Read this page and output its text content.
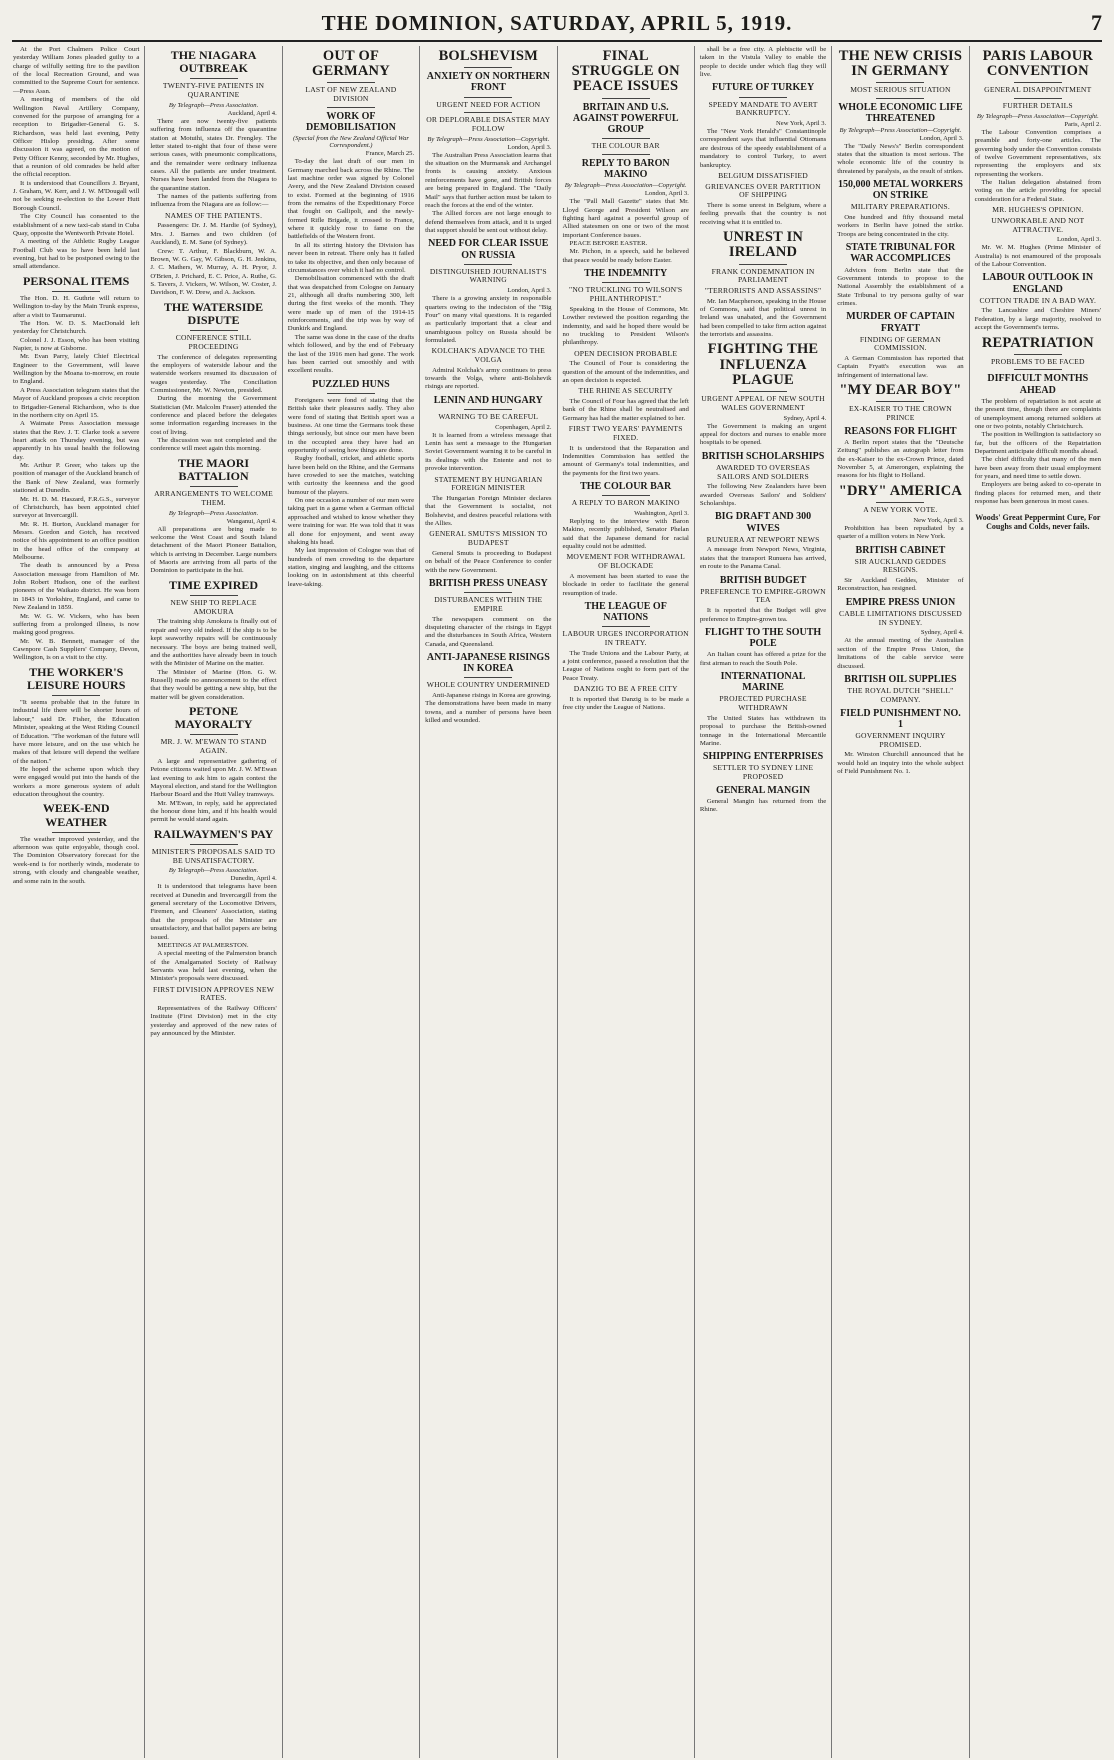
THE DOMINION, SATURDAY, APRIL 5, 1919.	7

At the Port Chalmers Police Court yesterday William Jones pleaded guilty to a charge of wilfully setting fire to the pavilion of the local Recreation Ground, and was committed to the Supreme Court for sentence.—Press Assn.

A meeting of members of the old Wellington Naval Artillery Company, convened for the purpose of arranging for a reception to Brigadier-General G. S. Richardson, was held last evening, Petty Officer Hislop presiding. After some discussion it was agreed, on the motion of Petty Officer Kenny, seconded by Mr. Hughes, that a reunion of old comrades be held after the official reception.

It is understood that Councillors J. Bryant, J. Graham, W. Kerr, and J. W. M'Dougall will not be seeking re-election to the Lower Hutt Borough Council.

The City Council has consented to the establishment of a new taxi-cab stand in Cuba Quay, opposite the Wentworth Private Hotel.

A meeting of the Athletic Rugby League Football Club was to have been held last evening, but had to be postponed owing to the small attendance.

PERSONAL ITEMS

The Hon. D. H. Guthrie will return to Wellington to-day by the Main Trunk express, after a visit to Taumarunui.

The Hon. W. D. S. MacDonald left yesterday for Christchurch.

Colonel J. J. Esson, who has been visiting Napier, is now at Gisborne.

Mr. Evan Parry, lately Chief Electrical Engineer to the Government, will leave Wellington by the Moana to-morrow, en route to England.

A Press Association telegram states that the Mayor of Auckland proposes a civic reception to Brigadier-General Richardson, who is due in the northern city on April 15.

A Waimate Press Association message states that the Rev. J. T. Clarke took a severe heart attack on Thursday evening, but was apparently in his usual health the following day.

Mr. Arthur P. Greer, who takes up the position of manager of the Auckland branch of the Bank of New Zealand, was formerly stationed at Dunedin.

Mr. H. D. M. Haszard, F.R.G.S., surveyor of Christchurch, has been appointed chief surveyor at Invercargill.

Mr. R. H. Burton, Auckland manager for Messrs. Gordon and Gotch, has received notice of his appointment to an office position in the head office of the company at Melbourne.

The death is announced by a Press Association message from Hamilton of Mr. John Robert Hudson, one of the earliest pioneers of the Waikato district. He was born in 1843 in Yorkshire, England, and came to New Zealand in 1859.

Mr. W. G. W. Vickers, who has been suffering from a prolonged illness, is now making good progress.

Mr. W. B. Bennett, manager of the Cawnpore Cash Suppliers' Company, Devon, Wellington, is on a visit to the city.

THE WORKER'S LEISURE HOURS

"It seems probable that in the future in industrial life there will be shorter hours of labour," said Dr. Fisher, the Education Minister, speaking at the West Riding Council of Education. "The workman of the future will have more leisure, and on the use which he makes of that leisure will depend the welfare of the nation."

He hoped the scheme upon which they were engaged would put into the hands of the workers a more generous system of adult education throughout the country.

WEEK-END WEATHER

The weather improved yesterday, and the afternoon was quite enjoyable, though cool. The Dominion Observatory forecast for the week-end is for northerly winds, moderate to strong, with cloudy and changeable weather, and some rain in the south.

THE NIAGARA OUTBREAK
TWENTY-FIVE PATIENTS IN QUARANTINE
By Telegraph—Press Association.
Auckland, April 4.

There are now twenty-five patients suffering from influenza off the quarantine station at Motuihi, states Dr. Frengley. The letter stated to-night that four of these were serious cases, with pneumonic complications, and the remainder were ordinary influenza cases. All the patients are under treatment. Nurses have been landed from the Niagara to the quarantine station.

The names of the patients suffering from influenza from the Niagara are as follow:—

NAMES OF THE PATIENTS.

Passengers: Dr. J. M. Hardie (of Sydney), Mrs. J. Barnes and two children (of Auckland), E. M. Sane (of Sydney).

Crew: T. Arthur, F. Blackburn, W. A. Brown, W. G. Gay, W. Gibson, G. H. Jenkins, J. C. Mathers, W. Murray, A. H. Pryor, J. O'Brien, J. Prichard, E. C. Price, A. Ruthe, G. S. Tavers, J. Vickers, W. Wilson, W. Coster, J. Davidson, F. W. Drew, and A. Jackson.

THE WATERSIDE DISPUTE
CONFERENCE STILL PROCEEDING

The conference of delegates representing the employers of waterside labour and the waterside workers resumed its discussion of wages yesterday. The Conciliation Commissioner, Mr. W. Newton, presided.

During the morning the Government Statistician (Mr. Malcolm Fraser) attended the conference and placed before the delegates some information regarding increases in the cost of living.

The discussion was not completed and the conference will meet again this morning.

THE MAORI BATTALION
ARRANGEMENTS TO WELCOME THEM.
By Telegraph—Press Association.
Wanganui, April 4.

All preparations are being made to welcome the West Coast and South Island detachment of the Maori Pioneer Battalion, which is arriving in December. Large numbers of Maoris are arriving from all parts of the Dominion to participate in the hui.

TIME EXPIRED
NEW SHIP TO REPLACE AMOKURA

The training ship Amokura is finally out of repair and very old indeed. If the ship is to be kept seaworthy repairs will be continuously necessary. The boys are being trained well, and the authorities have already been in touch with the Minister of Marine on the matter.

The Minister of Marine (Hon. G. W. Russell) made no announcement to the effect that they would be getting a new ship, but the matter will be given consideration.

PETONE MAYORALTY
MR. J. W. M'EWAN TO STAND AGAIN.

A large and representative gathering of Petone citizens waited upon Mr. J. W. M'Ewan last evening to ask him to again contest the Mayoral election, and stand for the Wellington Harbour Board and the Hutt Valley tramways.

Mr. M'Ewan, in reply, said he appreciated the honour done him, and if his health would permit he would stand again.

RAILWAYMEN'S PAY
MINISTER'S PROPOSALS SAID TO BE UNSATISFACTORY.
By Telegraph—Press Association.
Dunedin, April 4.

It is understood that telegrams have been received at Dunedin and Invercargill from the general secretary of the Locomotive Drivers, Firemen, and Cleaners' Association, stating that the proposals of the Minister are unsatisfactory, and that ballot papers are being issued.

MEETINGS AT PALMERSTON.

A special meeting of the Palmerston branch of the Amalgamated Society of Railway Servants was held last evening, when the Minister's proposals were discussed.

FIRST DIVISION APPROVES NEW RATES.

Representatives of the Railway Officers' Institute (First Division) met in the city yesterday and approved of the new rates of pay announced by the Minister.

OUT OF GERMANY
LAST OF NEW ZEALAND DIVISION
WORK OF DEMOBILISATION
(Special from the New Zealand Official War Correspondent.)
France, March 25.

To-day the last draft of our men in Germany marched back across the Rhine. The last machine order was signed by Colonel Avery, and the New Zealand Division ceased to exist. Formed at the beginning of 1916 from the remains of the Expeditionary Force that fought on Gallipoli, and the newly-formed Rifle Brigade, it crossed to France, where it quickly rose to fame on the battlefields of the Western front.

In all its stirring history the Division has never been in retreat. There only has it failed to take its objective, and then only because of circumstances over which it had no control.

Demobilisation commenced with the draft that was despatched from Cologne on January 21, although all drafts numbering 300, left during the first weeks of the month. They were made up of men of the 1914-15 reinforcements, and the trip was by way of Dunkirk and England.

The same was done in the case of the drafts which followed, and by the end of February the last of the 1916 men had gone. The work has been carried out smoothly and with excellent results.

PUZZLED HUNS

Foreigners were fond of stating that the British take their pleasures sadly. They also were fond of stating that British sport was a business. At one time the Germans took these things seriously, but since our men have been in the occupied area they have had an opportunity of seeing how things are done.

Rugby football, cricket, and athletic sports have been held on the Rhine, and the Germans have crowded to see the matches, watching with curiosity the keenness and the good humour of the players.

On one occasion a number of our men were taking part in a game when a German official approached and wished to know whether they were training for war. He was told that it was all done for enjoyment, and went away shaking his head.

My last impression of Cologne was that of hundreds of men crowding to the departure station, singing and laughing, and the citizens looking on in astonishment at this cheerful leave-taking.

BOLSHEVISM
ANXIETY ON NORTHERN FRONT
URGENT NEED FOR ACTION
OR DEPLORABLE DISASTER MAY FOLLOW
By Telegraph—Press Association—Copyright.
London, April 3.

The Australian Press Association learns that the situation on the Murmansk and Archangel fronts is causing anxiety. Anxious reinforcements have gone, and British forces are being prepared in England. The "Daily Mail" says that further action must be taken to reach the forces at the end of the winter.

The Allied forces are not large enough to defend themselves from attack, and it is urged that support should be sent out without delay.

NEED FOR CLEAR ISSUE ON RUSSIA
DISTINGUISHED JOURNALIST'S WARNING
London, April 3.

There is a growing anxiety in responsible quarters owing to the indecision of the "Big Four" on many vital questions. It is regarded as particularly important that a clear and unambiguous policy on Russia should be formulated.

KOLCHAK'S ADVANCE TO THE VOLGA

Admiral Kolchak's army continues to press towards the Volga, where anti-Bolshevik risings are reported.

LENIN AND HUNGARY
WARNING TO BE CAREFUL
Copenhagen, April 2.

It is learned from a wireless message that Lenin has sent a message to the Hungarian Soviet Government warning it to be careful in its dealings with the Entente and not to provoke intervention.

STATEMENT BY HUNGARIAN FOREIGN MINISTER

The Hungarian Foreign Minister declares that the Government is socialist, not Bolshevist, and desires peaceful relations with the Allies.

GENERAL SMUTS'S MISSION TO BUDAPEST

General Smuts is proceeding to Budapest on behalf of the Peace Conference to confer with the new Government.

BRITISH PRESS UNEASY
DISTURBANCES WITHIN THE EMPIRE

The newspapers comment on the disquieting character of the risings in Egypt and the disturbances in South Africa, Western Canada, and Queensland.

ANTI-JAPANESE RISINGS IN KOREA
WHOLE COUNTRY UNDERMINED

Anti-Japanese risings in Korea are growing. The demonstrations have been made in many towns, and a number of persons have been killed and wounded.

FINAL STRUGGLE ON PEACE ISSUES
BRITAIN AND U.S. AGAINST POWERFUL GROUP
THE COLOUR BAR
REPLY TO BARON MAKINO
By Telegraph—Press Association—Copyright.
London, April 3.

The "Pall Mall Gazette" states that Mr. Lloyd George and President Wilson are fighting hard against a powerful group of Allied statesmen on one or two of the most important Conference issues.

PEACE BEFORE EASTER.

Mr. Pichon, in a speech, said he believed that peace would be ready before Easter.

THE INDEMNITY
"NO TRUCKLING TO WILSON'S PHILANTHROPIST."

Speaking in the House of Commons, Mr. Lowther reviewed the position regarding the indemnity, and said he hoped there would be no truckling to President Wilson's philanthropy.

OPEN DECISION PROBABLE

The Council of Four is considering the question of the amount of the indemnities, and an open decision is expected.

THE RHINE AS SECURITY

The Council of Four has agreed that the left bank of the Rhine shall be neutralised and Germany has had the matter explained to her.

FIRST TWO YEARS' PAYMENTS FIXED.

It is understood that the Reparation and Indemnities Commission has settled the amount of Germany's total indemnities, and the payments for the first two years.

THE COLOUR BAR
A REPLY TO BARON MAKINO
Washington, April 3.

Replying to the interview with Baron Makino, recently published, Senator Phelan said that the Japanese demand for racial equality could not be admitted.

MOVEMENT FOR WITHDRAWAL OF BLOCKADE

A movement has been started to ease the blockade in order to facilitate the general resumption of trade.

THE LEAGUE OF NATIONS
LABOUR URGES INCORPORATION IN TREATY.

The Trade Unions and the Labour Party, at a joint conference, passed a resolution that the League of Nations ought to form part of the Peace Treaty.

DANZIG TO BE A FREE CITY

It is reported that Danzig is to be made a free city under the League of Nations.

shall be a free city. A plebiscite will be taken in the Vistula Valley to enable the people to decide under which flag they will live.

FUTURE OF TURKEY
SPEEDY MANDATE TO AVERT BANKRUPTCY.
New York, April 3.

The "New York Herald's" Constantinople correspondent says that influential Ottomans are desirous of the speedy establishment of a mandatory to control Turkey, to avert bankruptcy.

BELGIUM DISSATISFIED
GRIEVANCES OVER PARTITION OF SHIPPING

There is some unrest in Belgium, where a feeling prevails that the country is not receiving what it is entitled to.

UNREST IN IRELAND
FRANK CONDEMNATION IN PARLIAMENT
"TERRORISTS AND ASSASSINS"

Mr. Ian Macpherson, speaking in the House of Commons, said that political unrest in Ireland was unabated, and the Government had been compelled to take firm action against the terrorists and assassins.

FIGHTING THE INFLUENZA PLAGUE
URGENT APPEAL OF NEW SOUTH WALES GOVERNMENT
Sydney, April 4.

The Government is making an urgent appeal for doctors and nurses to enable more hospitals to be opened.

BRITISH SCHOLARSHIPS
AWARDED TO OVERSEAS SAILORS AND SOLDIERS

The following New Zealanders have been awarded Overseas Sailors' and Soldiers' Scholarships.

BIG DRAFT AND 300 WIVES
RUNUERA AT NEWPORT NEWS

A message from Newport News, Virginia, states that the transport Runuera has arrived, en route to the Panama Canal.

BRITISH BUDGET
PREFERENCE TO EMPIRE-GROWN TEA

It is reported that the Budget will give preference to Empire-grown tea.

FLIGHT TO THE SOUTH POLE

An Italian count has offered a prize for the first airman to reach the South Pole.

INTERNATIONAL MARINE
PROJECTED PURCHASE WITHDRAWN

The United States has withdrawn its proposal to purchase the British-owned tonnage in the International Mercantile Marine.

SHIPPING ENTERPRISES
SETTLER TO SYDNEY LINE PROPOSED
GENERAL MANGIN

General Mangin has returned from the Rhine.

THE NEW CRISIS IN GERMANY
MOST SERIOUS SITUATION
WHOLE ECONOMIC LIFE THREATENED
By Telegraph—Press Association—Copyright.
London, April 3.

The "Daily News's" Berlin correspondent states that the situation is most serious. The whole economic life of the country is threatened by paralysis, as the result of strikes.

150,000 METAL WORKERS ON STRIKE
MILITARY PREPARATIONS.

One hundred and fifty thousand metal workers in Berlin have joined the strike. Troops are being concentrated in the city.

STATE TRIBUNAL FOR WAR ACCOMPLICES

Advices from Berlin state that the Government intends to propose to the National Assembly the establishment of a State Tribunal to try persons guilty of war crimes.

MURDER OF CAPTAIN FRYATT
FINDING OF GERMAN COMMISSION.

A German Commission has reported that Captain Fryatt's execution was an infringement of international law.

"MY DEAR BOY"
EX-KAISER TO THE CROWN PRINCE
REASONS FOR FLIGHT

A Berlin report states that the "Deutsche Zeitung" publishes an autograph letter from the ex-Kaiser to the ex-Crown Prince, dated November 5, at Amerongen, explaining the reasons for his flight to Holland.

"DRY" AMERICA
A NEW YORK VOTE.
New York, April 3.

Prohibition has been repudiated by a quarter of a million voters in New York.

BRITISH CABINET
SIR AUCKLAND GEDDES RESIGNS.

Sir Auckland Geddes, Minister of Reconstruction, has resigned.

EMPIRE PRESS UNION
CABLE LIMITATIONS DISCUSSED IN SYDNEY.
Sydney, April 4.

At the annual meeting of the Australian section of the Empire Press Union, the limitations of the cable service were discussed.

BRITISH OIL SUPPLIES
THE ROYAL DUTCH "SHELL" COMPANY.
FIELD PUNISHMENT NO. 1
GOVERNMENT INQUIRY PROMISED.

Mr. Winston Churchill announced that he would hold an inquiry into the whole subject of Field Punishment No. 1.

PARIS LABOUR CONVENTION
GENERAL DISAPPOINTMENT
FURTHER DETAILS
By Telegraph—Press Association—Copyright.
Paris, April 2.

The Labour Convention comprises a preamble and forty-one articles. The governing body under the Convention consists of twelve Government representatives, six representing the employers and six representing the workers.

The Italian delegation abstained from voting on the article providing for special consideration for a Federal State.

MR. HUGHES'S OPINION.
UNWORKABLE AND NOT ATTRACTIVE.
London, April 3.

Mr. W. M. Hughes (Prime Minister of Australia) is not enamoured of the proposals of the Labour Convention.

LABOUR OUTLOOK IN ENGLAND
COTTON TRADE IN A BAD WAY.

The Lancashire and Cheshire Miners' Federation, by a large majority, resolved to accept the Government's terms.

REPATRIATION
PROBLEMS TO BE FACED
DIFFICULT MONTHS AHEAD

The problem of repatriation is not acute at the present time, though there are complaints of unemployment among returned soldiers at one or two points, notably Christchurch.

The position in Wellington is satisfactory so far, but the officers of the Repatriation Department anticipate difficult months ahead.

The chief difficulty that many of the men have been away from their usual employment for years, and need time to settle down.

Employers are being asked to co-operate in finding places for returned men, and their response has been generous in most cases.

Woods' Great Peppermint Cure, For Coughs and Colds, never fails.
